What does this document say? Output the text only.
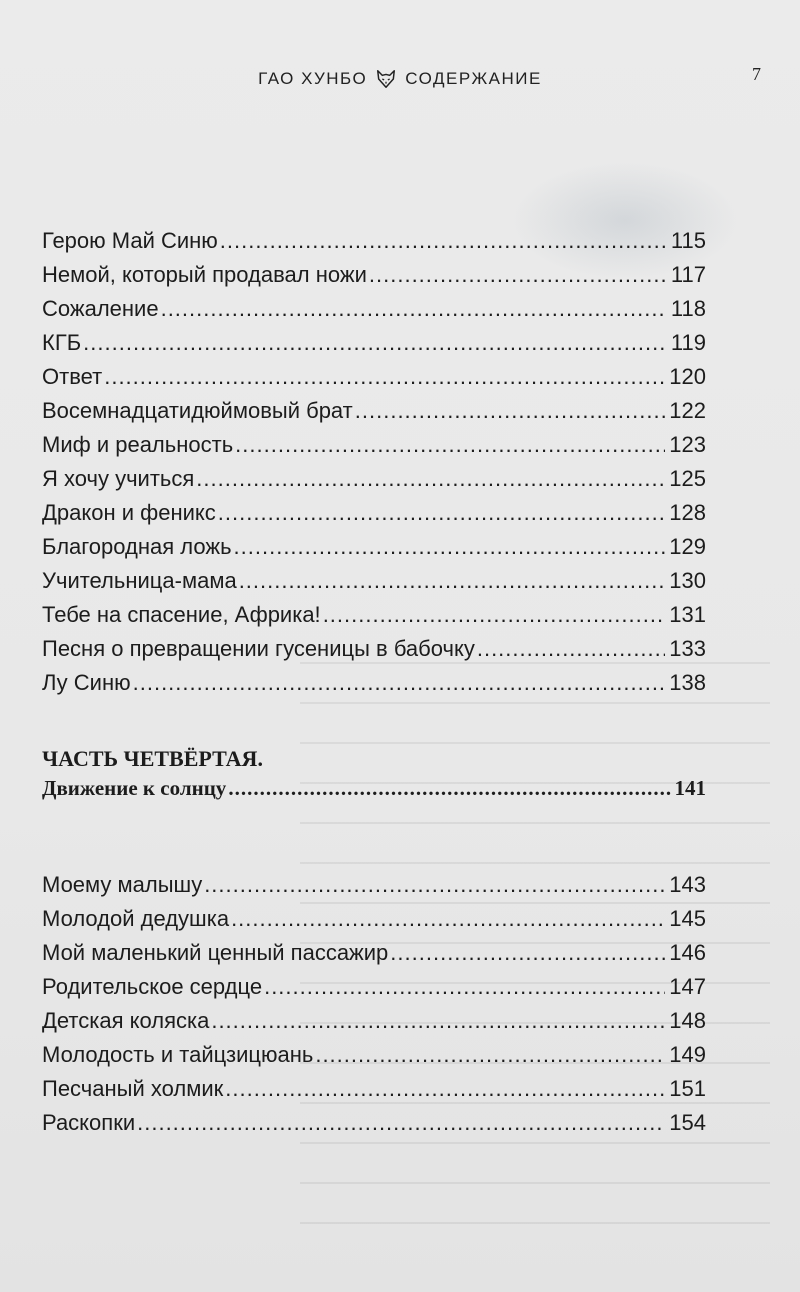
ГАО ХУНБО СОДЕРЖАНИЕ	7
Герою Май Синю .....	115
Немой, который продавал ножи .....	117
Сожаление .....	118
КГБ .....	119
Ответ .....	120
Восемнадцатидюймовый брат .....	122
Миф и реальность .....	123
Я хочу учиться .....	125
Дракон и феникс .....	128
Благородная ложь .....	129
Учительница-мама .....	130
Тебе на спасение, Африка! .....	131
Песня о превращении гусеницы в бабочку .....	133
Лу Синю .....	138
ЧАСТЬ ЧЕТВЁРТАЯ.
Движение к солнцу .....	141
Моему малышу .....	143
Молодой дедушка .....	145
Мой маленький ценный пассажир .....	146
Родительское сердце .....	147
Детская коляска .....	148
Молодость и тайцзицюань .....	149
Песчаный холмик .....	151
Раскопки .....	154
